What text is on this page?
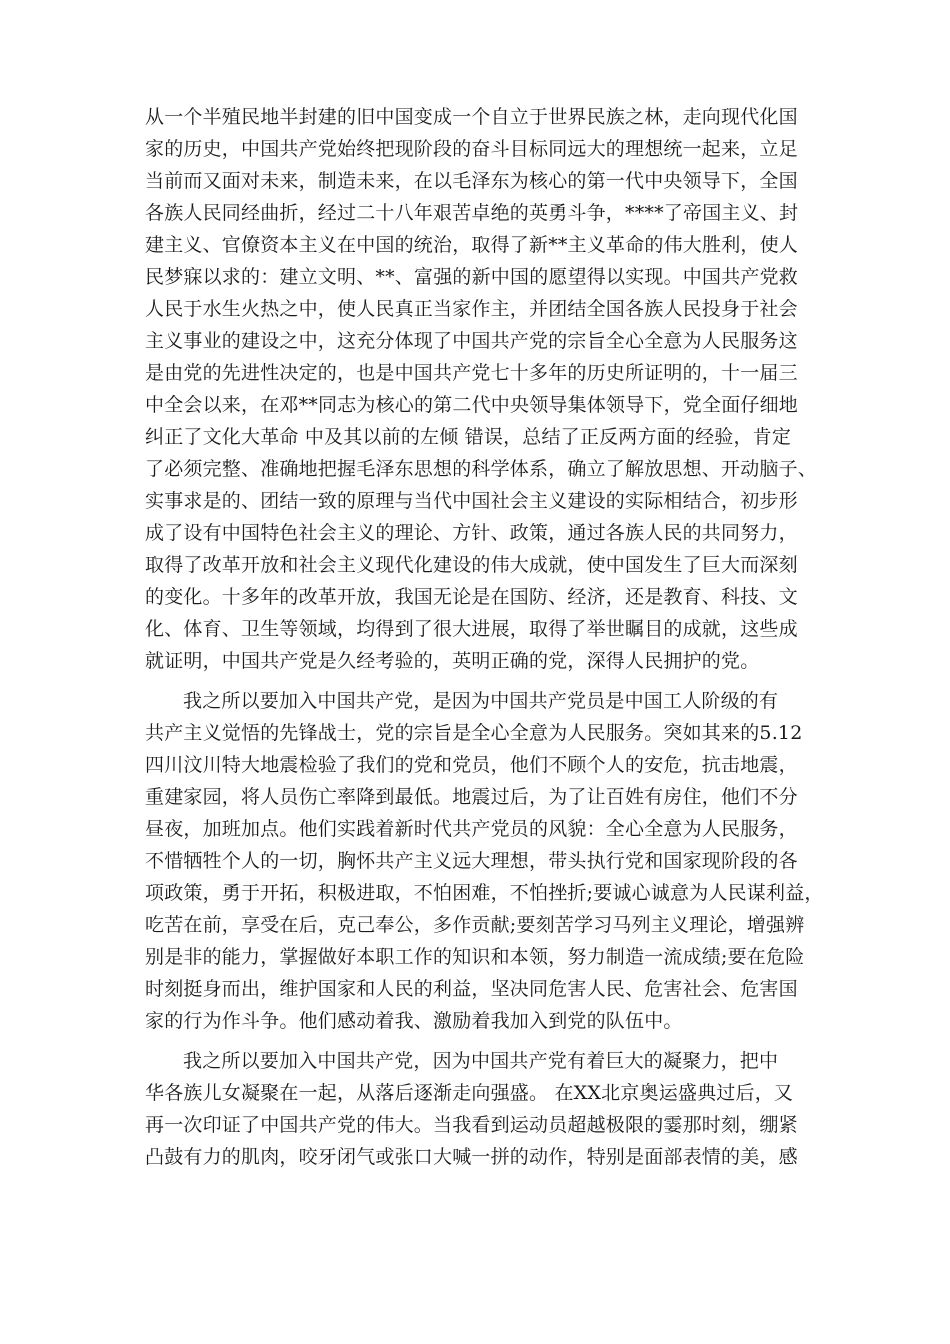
从一个半殖民地半封建的旧中国变成一个自立于世界民族之林，走向现代化国
家的历史，中国共产党始终把现阶段的奋斗目标同远大的理想统一起来，立足
当前而又面对未来，制造未来，在以毛泽东为核心的第一代中央领导下，全国
各族人民同经曲折，经过二十八年艰苦卓绝的英勇斗争，****了帝国主义、封
建主义、官僚资本主义在中国的统治，取得了新**主义革命的伟大胜利，使人
民梦寐以求的：建立文明、**、富强的新中国的愿望得以实现。中国共产党救
人民于水生火热之中，使人民真正当家作主，并团结全国各族人民投身于社会
主义事业的建设之中，这充分体现了中国共产党的宗旨全心全意为人民服务这
是由党的先进性决定的，也是中国共产党七十多年的历史所证明的，十一届三
中全会以来，在邓**同志为核心的第二代中央领导集体领导下，党全面仔细地
纠正了文化大革命 中及其以前的左倾 错误，总结了正反两方面的经验，肯定
了必须完整、准确地把握毛泽东思想的科学体系，确立了解放思想、开动脑子、
实事求是的、团结一致的原理与当代中国社会主义建设的实际相结合，初步形
成了设有中国特色社会主义的理论、方针、政策，通过各族人民的共同努力，
取得了改革开放和社会主义现代化建设的伟大成就，使中国发生了巨大而深刻
的变化。十多年的改革开放，我国无论是在国防、经济，还是教育、科技、文
化、体育、卫生等领域，均得到了很大进展，取得了举世瞩目的成就，这些成
就证明，中国共产党是久经考验的，英明正确的党，深得人民拥护的党。
我之所以要加入中国共产党，是因为中国共产党员是中国工人阶级的有
共产主义觉悟的先锋战士，党的宗旨是全心全意为人民服务。突如其来的5.12
四川汶川特大地震检验了我们的党和党员，他们不顾个人的安危，抗击地震，
重建家园，将人员伤亡率降到最低。地震过后，为了让百姓有房住，他们不分
昼夜，加班加点。他们实践着新时代共产党员的风貌：全心全意为人民服务，
不惜牺牲个人的一切，胸怀共产主义远大理想，带头执行党和国家现阶段的各
项政策，勇于开拓，积极进取，不怕困难，不怕挫折;要诚心诚意为人民谋利益，
吃苦在前，享受在后，克己奉公，多作贡献;要刻苦学习马列主义理论，增强辨
别是非的能力，掌握做好本职工作的知识和本领，努力制造一流成绩;要在危险
时刻挺身而出，维护国家和人民的利益，坚决同危害人民、危害社会、危害国
家的行为作斗争。他们感动着我、激励着我加入到党的队伍中。
我之所以要加入中国共产党，因为中国共产党有着巨大的凝聚力，把中
华各族儿女凝聚在一起，从落后逐渐走向强盛。 在XX北京奥运盛典过后，又
再一次印证了中国共产党的伟大。当我看到运动员超越极限的霎那时刻，绷紧
凸鼓有力的肌肉，咬牙闭气或张口大喊一拼的动作，特别是面部表情的美，感
